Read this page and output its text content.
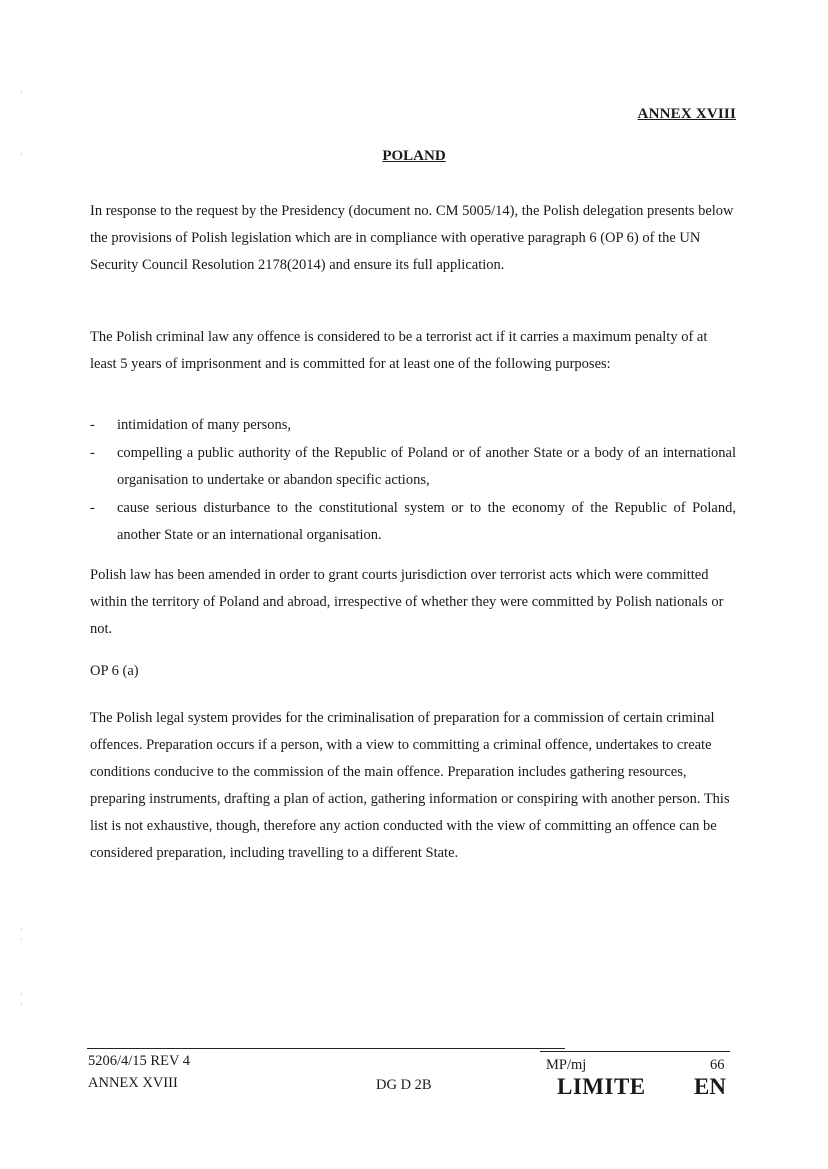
ANNEX XVIII
POLAND

In response to the request by the Presidency (document no. CM 5005/14), the Polish delegation presents below the provisions of Polish legislation which are in compliance with operative paragraph 6 (OP 6) of the UN Security Council Resolution 2178(2014) and ensure its full application.

The Polish criminal law any offence is considered to be a terrorist act if it carries a maximum penalty of at least 5 years of imprisonment and is committed for at least one of the following purposes:

- intimidation of many persons,
- compelling a public authority of the Republic of Poland or of another State or a body of an international organisation to undertake or abandon specific actions,
- cause serious disturbance to the constitutional system or to the economy of the Republic of Poland, another State or an international organisation.

Polish law has been amended in order to grant courts jurisdiction over terrorist acts which were committed within the territory of Poland and abroad, irrespective of whether they were committed by Polish nationals or not.

OP 6 (a)

The Polish legal system provides for the criminalisation of preparation for a commission of certain criminal offences. Preparation occurs if a person, with a view to committing a criminal offence, undertakes to create conditions conducive to the commission of the main offence. Preparation includes gathering resources, preparing instruments, drafting a plan of action, gathering information or conspiring with another person. This list is not exhaustive, though, therefore any action conducted with the view of committing an offence can be considered preparation, including travelling to a different State.

·
·
·
·
·
·
5206/4/15 REV 4
ANNEX XVIII	DG D 2B
MP/mj	66
LIMITE EN
